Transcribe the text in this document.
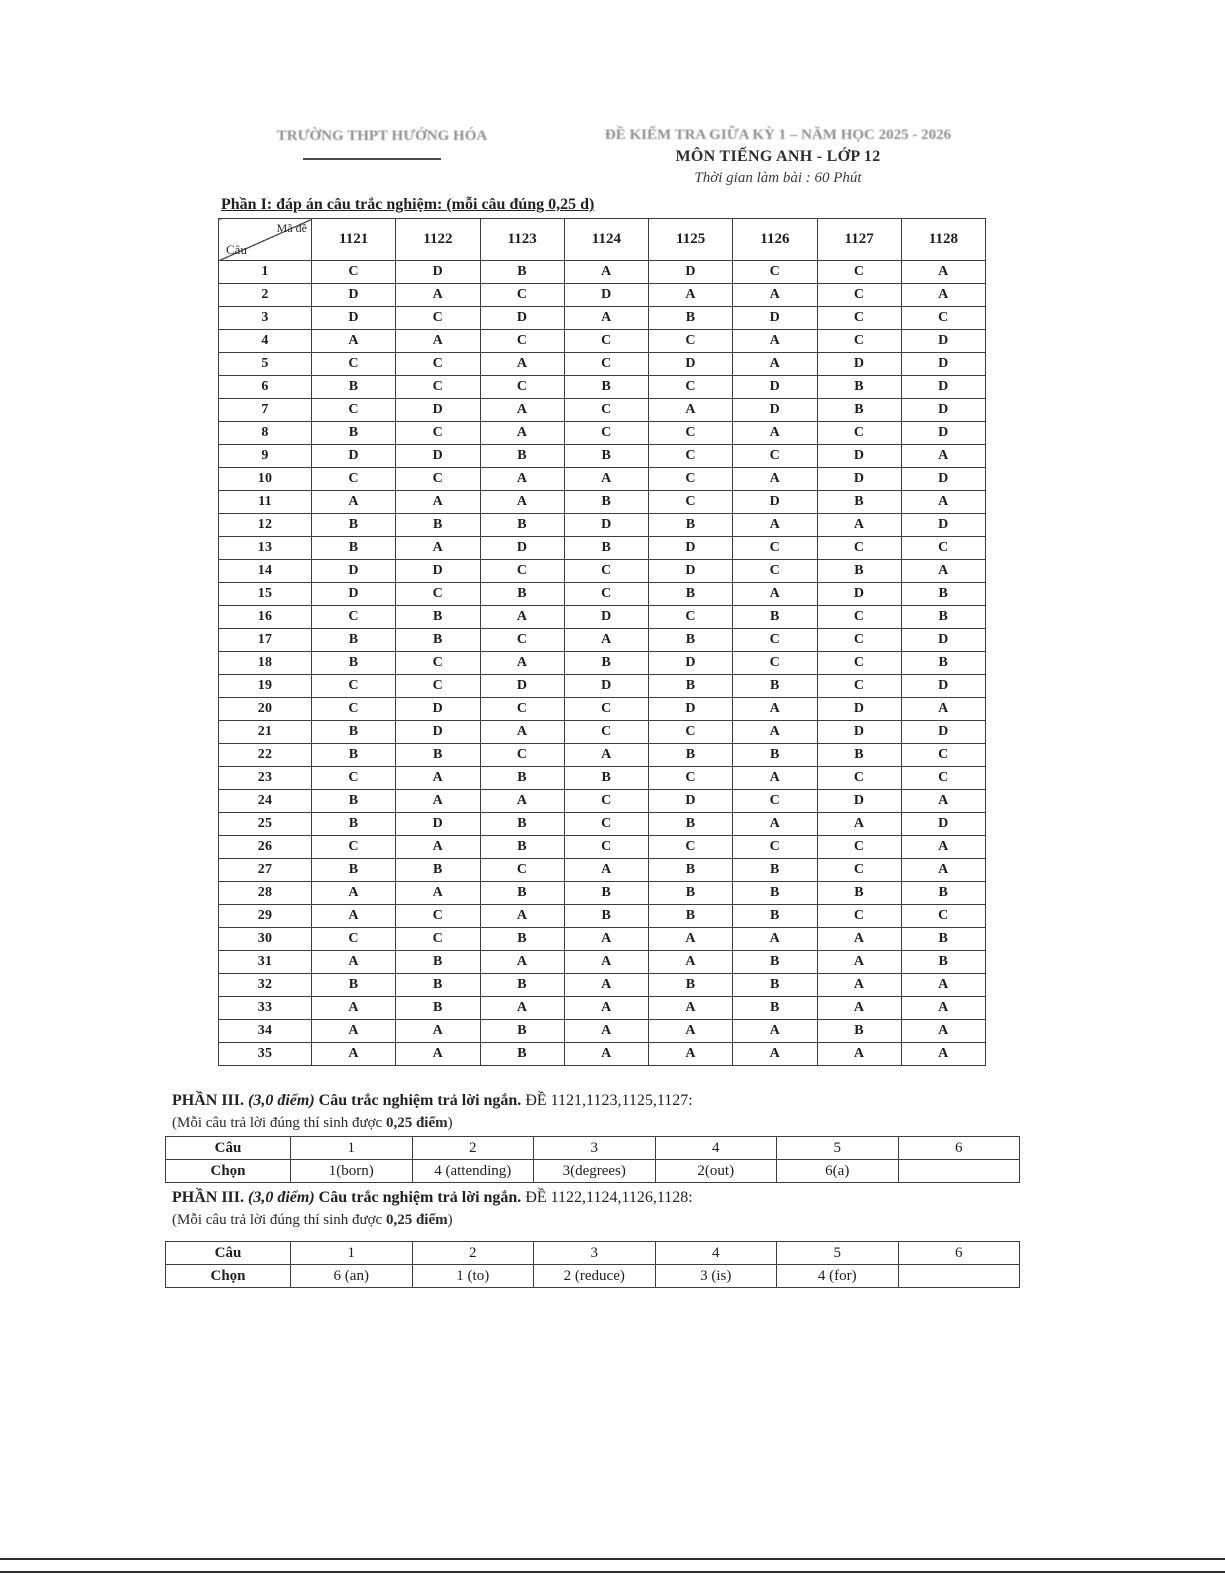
TRƯỜNG THPT HƯỚNG HÓA	ĐỀ KIỂM TRA GIỮA KỲ 1 – NĂM HỌC 2025 - 2026
MÔN TIẾNG ANH - LỚP 12
Thời gian làm bài : 60 Phút
Phần I: đáp án câu trắc nghiệm: (mỗi câu đúng 0,25 d)
Mã đề
Câu	1121	1122	1123	1124	1125	1126	1127	1128
1	C	D	B	A	D	C	C	A
2	D	A	C	D	A	A	C	A
3	D	C	D	A	B	D	C	C
4	A	A	C	C	C	A	C	D
5	C	C	A	C	D	A	D	D
6	B	C	C	B	C	D	B	D
7	C	D	A	C	A	D	B	D
8	B	C	A	C	C	A	C	D
9	D	D	B	B	C	C	D	A
10	C	C	A	A	C	A	D	D
11	A	A	A	B	C	D	B	A
12	B	B	B	D	B	A	A	D
13	B	A	D	B	D	C	C	C
14	D	D	C	C	D	C	B	A
15	D	C	B	C	B	A	D	B
16	C	B	A	D	C	B	C	B
17	B	B	C	A	B	C	C	D
18	B	C	A	B	D	C	C	B
19	C	C	D	D	B	B	C	D
20	C	D	C	C	D	A	D	A
21	B	D	A	C	C	A	D	D
22	B	B	C	A	B	B	B	C
23	C	A	B	B	C	A	C	C
24	B	A	A	C	D	C	D	A
25	B	D	B	C	B	A	A	D
26	C	A	B	C	C	C	C	A
27	B	B	C	A	B	B	C	A
28	A	A	B	B	B	B	B	B
29	A	C	A	B	B	B	C	C
30	C	C	B	A	A	A	A	B
31	A	B	A	A	A	B	A	B
32	B	B	B	A	B	B	A	A
33	A	B	A	A	A	B	A	A
34	A	A	B	A	A	A	B	A
35	A	A	B	A	A	A	A	A
PHẦN III. (3,0 điểm) Câu trắc nghiệm trả lời ngắn. ĐỀ 1121,1123,1125,1127:
(Mỗi câu trả lời đúng thí sinh được 0,25 điểm)
Câu	1	2	3	4	5	6
Chọn	1(born)	4 (attending)	3(degrees)	2(out)	6(a)	
PHẦN III. (3,0 điểm) Câu trắc nghiệm trả lời ngắn. ĐỀ 1122,1124,1126,1128:
(Mỗi câu trả lời đúng thí sinh được 0,25 điểm)
Câu	1	2	3	4	5	6
Chọn	6 (an)	1 (to)	2 (reduce)	3 (is)	4 (for)	
